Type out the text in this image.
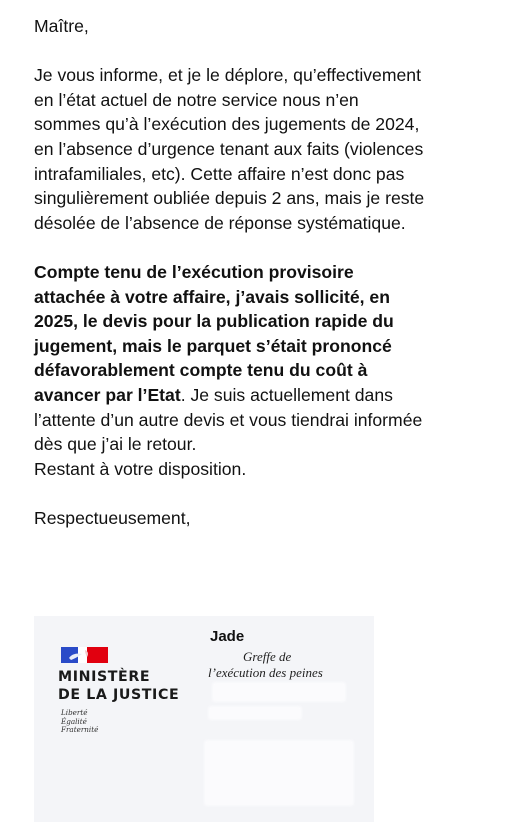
Maître,

Je vous informe, et je le déplore, qu’effectivement
en l’état actuel de notre service nous n’en
sommes qu’à l’exécution des jugements de 2024,
en l’absence d’urgence tenant aux faits (violences
intrafamiliales, etc). Cette affaire n’est donc pas
singulièrement oubliée depuis 2 ans, mais je reste
désolée de l’absence de réponse systématique.

Compte tenu de l’exécution provisoire
attachée à votre affaire, j’avais sollicité, en
2025, le devis pour la publication rapide du
jugement, mais le parquet s’était prononcé
défavorablement compte tenu du coût à
avancer par l’Etat. Je suis actuellement dans
l’attente d’un autre devis et vous tiendrai informée
dès que j’ai le retour.
Restant à votre disposition.

Respectueusement,

MINISTÈRE
DE LA JUSTICE
Liberté
Égalité
Fraternité
Jade
Greffe de
l’exécution des peines
